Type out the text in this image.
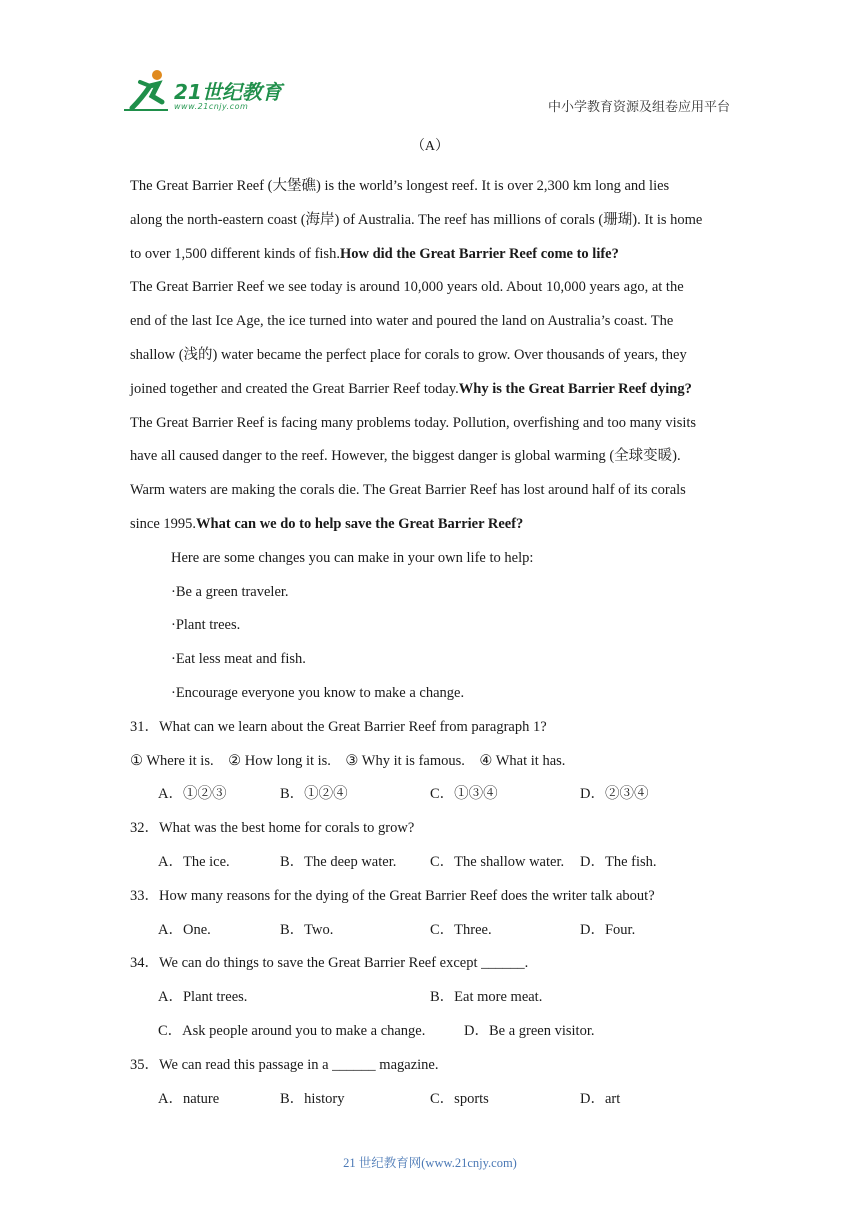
21世纪教育
www.21cnjy.com	中小学教育资源及组卷应用平台
（A）
The Great Barrier Reef (大堡礁) is the world’s longest reef. It is over 2,300 km long and lies
along the north-eastern coast (海岸) of Australia. The reef has millions of corals (珊瑚). It is home
to over 1,500 different kinds of fish.How did the Great Barrier Reef come to life?
The Great Barrier Reef we see today is around 10,000 years old. About 10,000 years ago, at the
end of the last Ice Age, the ice turned into water and poured the land on Australia’s coast. The
shallow (浅的) water became the perfect place for corals to grow. Over thousands of years, they
joined together and created the Great Barrier Reef today.Why is the Great Barrier Reef dying?
The Great Barrier Reef is facing many problems today. Pollution, overfishing and too many visits
have all caused danger to the reef. However, the biggest danger is global warming (全球变暖).
Warm waters are making the corals die. The Great Barrier Reef has lost around half of its corals
since 1995.What can we do to help save the Great Barrier Reef?
Here are some changes you can make in your own life to help:
·Be a green traveler.
·Plant trees.
·Eat less meat and fish.
·Encourage everyone you know to make a change.
31．What can we learn about the Great Barrier Reef from paragraph 1?
① Where it is.    ② How long it is.    ③ Why it is famous.    ④ What it has.
A．①②③	B．①②④	C．①③④	D．②③④
32．What was the best home for corals to grow?
A．The ice.	B．The deep water. C．The shallow water. D．The fish.
33．How many reasons for the dying of the Great Barrier Reef does the writer talk about?
A．One.	B．Two.	C．Three.	D．Four.
34．We can do things to save the Great Barrier Reef except ______.
A．Plant trees.	B．Eat more meat.
C．Ask people around you to make a change.	D．Be a green visitor.
35．We can read this passage in a ______ magazine.
A．nature	B．history	C．sports	D．art
21 世纪教育网(www.21cnjy.com)
